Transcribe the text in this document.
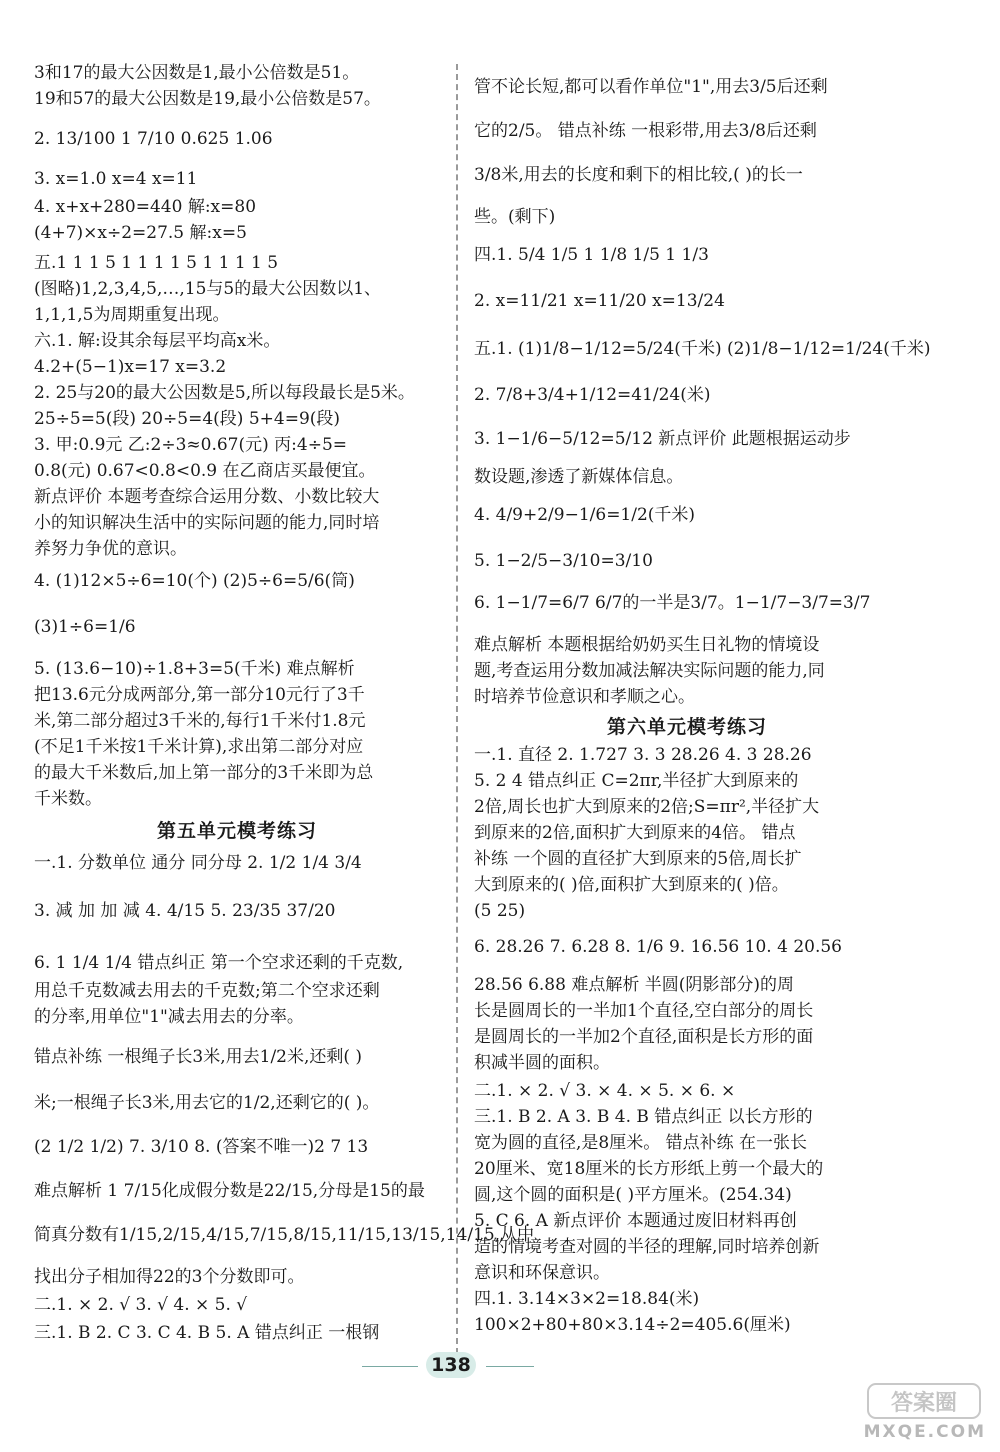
3和17的最大公因数是1,最小公倍数是51。
19和57的最大公因数是19,最小公倍数是57。
2. 13/100 1 7/10 0.625 1.06
3. x=1.0 x=4 x=11
4. x+x+280=440 解:x=80
(4+7)×x÷2=27.5 解:x=5
五.1 1 1 5 1 1 1 1 5 1 1 1 1 5
(图略)1,2,3,4,5,…,15与5的最大公因数以1、
1,1,1,5为周期重复出现。
六.1. 解:设其余每层平均高x米。
4.2+(5−1)x=17 x=3.2
2. 25与20的最大公因数是5,所以每段最长是5米。
25÷5=5(段) 20÷5=4(段) 5+4=9(段)
3. 甲:0.9元 乙:2÷3≈0.67(元) 丙:4÷5=
0.8(元) 0.67<0.8<0.9 在乙商店买最便宜。
新点评价 本题考查综合运用分数、小数比较大
小的知识解决生活中的实际问题的能力,同时培
养努力争优的意识。
4. (1)12×5÷6=10(个) (2)5÷6=5/6(筒)
(3)1÷6=1/6
5. (13.6−10)÷1.8+3=5(千米) 难点解析
把13.6元分成两部分,第一部分10元行了3千
米,第二部分超过3千米的,每行1千米付1.8元
(不足1千米按1千米计算),求出第二部分对应
的最大千米数后,加上第一部分的3千米即为总
千米数。
一.1. 分数单位 通分 同分母 2. 1/2 1/4 3/4
3. 减 加 加 减 4. 4/15 5. 23/35 37/20
6. 1 1/4 1/4 错点纠正 第一个空求还剩的千克数,
用总千克数减去用去的千克数;第二个空求还剩
的分率,用单位"1"减去用去的分率。
错点补练 一根绳子长3米,用去1/2米,还剩( )
米;一根绳子长3米,用去它的1/2,还剩它的( )。
(2 1/2 1/2) 7. 3/10 8. (答案不唯一)2 7 13
难点解析 1 7/15化成假分数是22/15,分母是15的最
简真分数有1/15,2/15,4/15,7/15,8/15,11/15,13/15,14/15,从中
找出分子相加得22的3个分数即可。
二.1. × 2. √ 3. √ 4. × 5. √
三.1. B 2. C 3. C 4. B 5. A 错点纠正 一根钢
第五单元模考练习
管不论长短,都可以看作单位"1",用去3/5后还剩
它的2/5。 错点补练 一根彩带,用去3/8后还剩
3/8米,用去的长度和剩下的相比较,( )的长一
些。(剩下)
四.1. 5/4 1/5 1 1/8 1/5 1 1/3
2. x=11/21 x=11/20 x=13/24
五.1. (1)1/8−1/12=5/24(千米) (2)1/8−1/12=1/24(千米)
2. 7/8+3/4+1/12=41/24(米)
3. 1−1/6−5/12=5/12 新点评价 此题根据运动步
数设题,渗透了新媒体信息。
4. 4/9+2/9−1/6=1/2(千米)
5. 1−2/5−3/10=3/10
6. 1−1/7=6/7 6/7的一半是3/7。1−1/7−3/7=3/7
难点解析 本题根据给奶奶买生日礼物的情境设
题,考查运用分数加减法解决实际问题的能力,同
时培养节俭意识和孝顺之心。
一.1. 直径 2. 1.727 3. 3 28.26 4. 3 28.26
5. 2 4 错点纠正 C=2πr,半径扩大到原来的
2倍,周长也扩大到原来的2倍;S=πr²,半径扩大
到原来的2倍,面积扩大到原来的4倍。 错点
补练 一个圆的直径扩大到原来的5倍,周长扩
大到原来的( )倍,面积扩大到原来的( )倍。
(5 25)
6. 28.26 7. 6.28 8. 1/6 9. 16.56 10. 4 20.56
28.56 6.88 难点解析 半圆(阴影部分)的周
长是圆周长的一半加1个直径,空白部分的周长
是圆周长的一半加2个直径,面积是长方形的面
积减半圆的面积。
二.1. × 2. √ 3. × 4. × 5. × 6. ×
三.1. B 2. A 3. B 4. B 错点纠正 以长方形的
宽为圆的直径,是8厘米。 错点补练 在一张长
20厘米、宽18厘米的长方形纸上剪一个最大的
圆,这个圆的面积是( )平方厘米。(254.34)
5. C 6. A 新点评价 本题通过废旧材料再创
造的情境考查对圆的半径的理解,同时培养创新
意识和环保意识。
四.1. 3.14×3×2=18.84(米)
100×2+80+80×3.14÷2=405.6(厘米)
第六单元模考练习
138
答案圈
MXQE.COM
